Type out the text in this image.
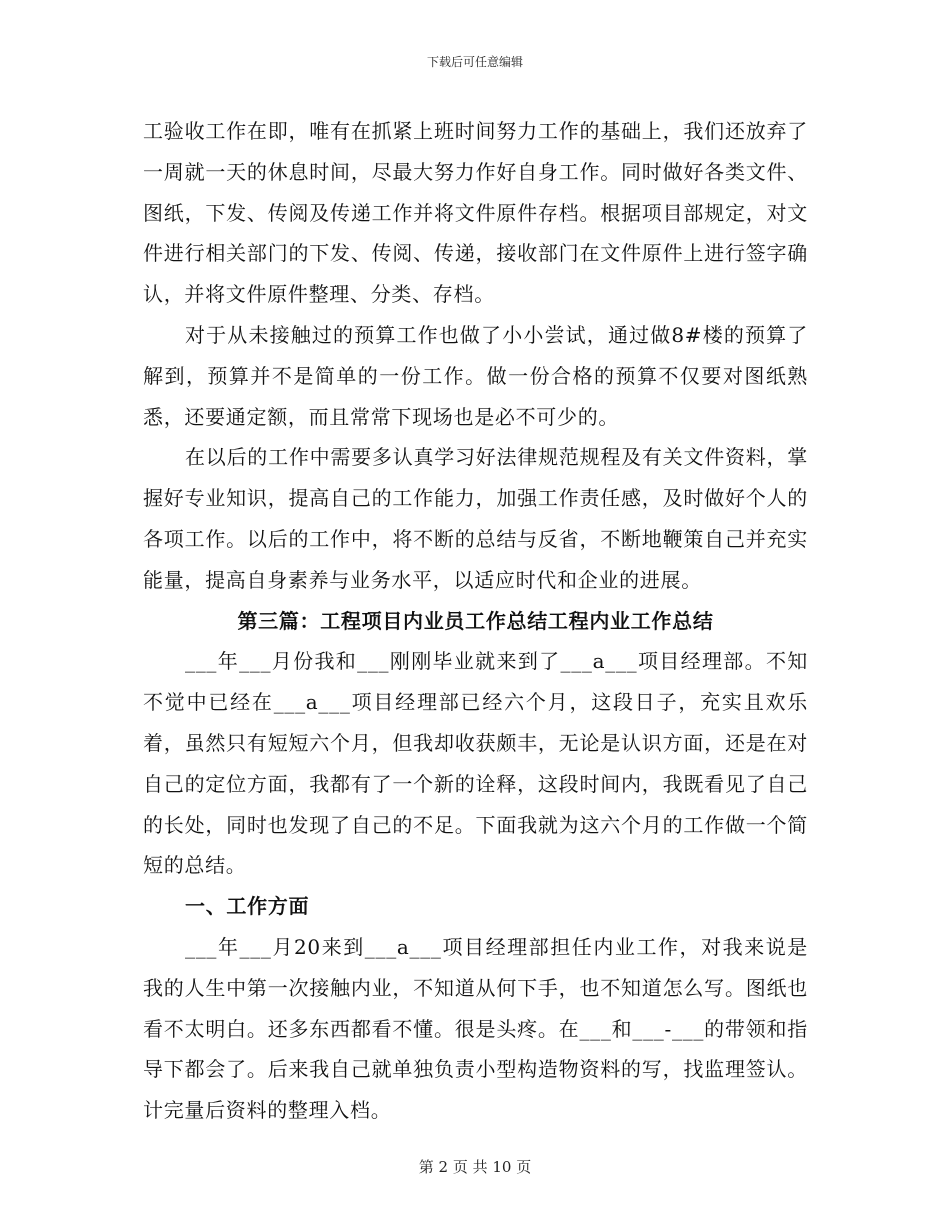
下载后可任意编辑

工验收工作在即，唯有在抓紧上班时间努力工作的基础上，我们还放弃了一周就一天的休息时间，尽最大努力作好自身工作。同时做好各类文件、图纸，下发、传阅及传递工作并将文件原件存档。根据项目部规定，对文件进行相关部门的下发、传阅、传递，接收部门在文件原件上进行签字确认，并将文件原件整理、分类、存档。

对于从未接触过的预算工作也做了小小尝试，通过做8#楼的预算了解到，预算并不是简单的一份工作。做一份合格的预算不仅要对图纸熟悉，还要通定额，而且常常下现场也是必不可少的。

在以后的工作中需要多认真学习好法律规范规程及有关文件资料，掌握好专业知识，提高自己的工作能力，加强工作责任感，及时做好个人的各项工作。以后的工作中，将不断的总结与反省，不断地鞭策自己并充实能量，提高自身素养与业务水平，以适应时代和企业的进展。

第三篇：工程项目内业员工作总结工程内业工作总结

___年___月份我和___刚刚毕业就来到了___a___项目经理部。不知不觉中已经在___a___项目经理部已经六个月，这段日子，充实且欢乐着，虽然只有短短六个月，但我却收获颇丰，无论是认识方面，还是在对自己的定位方面，我都有了一个新的诠释，这段时间内，我既看见了自己的长处，同时也发现了自己的不足。下面我就为这六个月的工作做一个简短的总结。

一、工作方面

___年___月20来到___a___项目经理部担任内业工作，对我来说是我的人生中第一次接触内业，不知道从何下手，也不知道怎么写。图纸也看不太明白。还多东西都看不懂。很是头疼。在___和___-___的带领和指导下都会了。后来我自己就单独负责小型构造物资料的写，找监理签认。计完量后资料的整理入档。

第 2 页 共 10 页
